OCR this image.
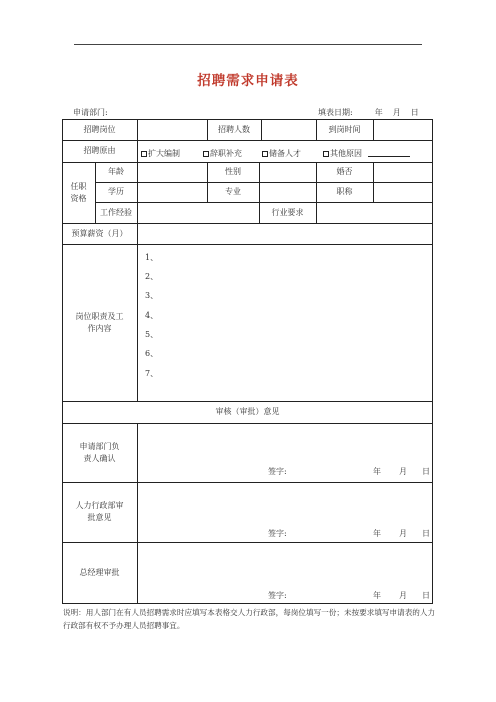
招聘需求申请表
申请部门:	填表日期:	年 月 日
招聘岗位	招聘人数	到岗时间
招聘原由	扩大编制	辞职补充	储备人才	其他原因
任职资格
年龄	性别	婚否
学历	专业	职称
工作经验	行业要求
预算薪资（月）
岗位职责及工作内容
1、
2、
3、
4、
5、
6、
7、
审核（审批）意见
申请部门负责人确认
签字:	年 月 日
人力行政部审批意见
签字:	年 月 日
总经理审批
签字:	年 月 日
说明：用人部门在有人员招聘需求时应填写本表格交人力行政部，每岗位填写一份；未按要求填写申请表的人力行政部有权不予办理人员招聘事宜。
